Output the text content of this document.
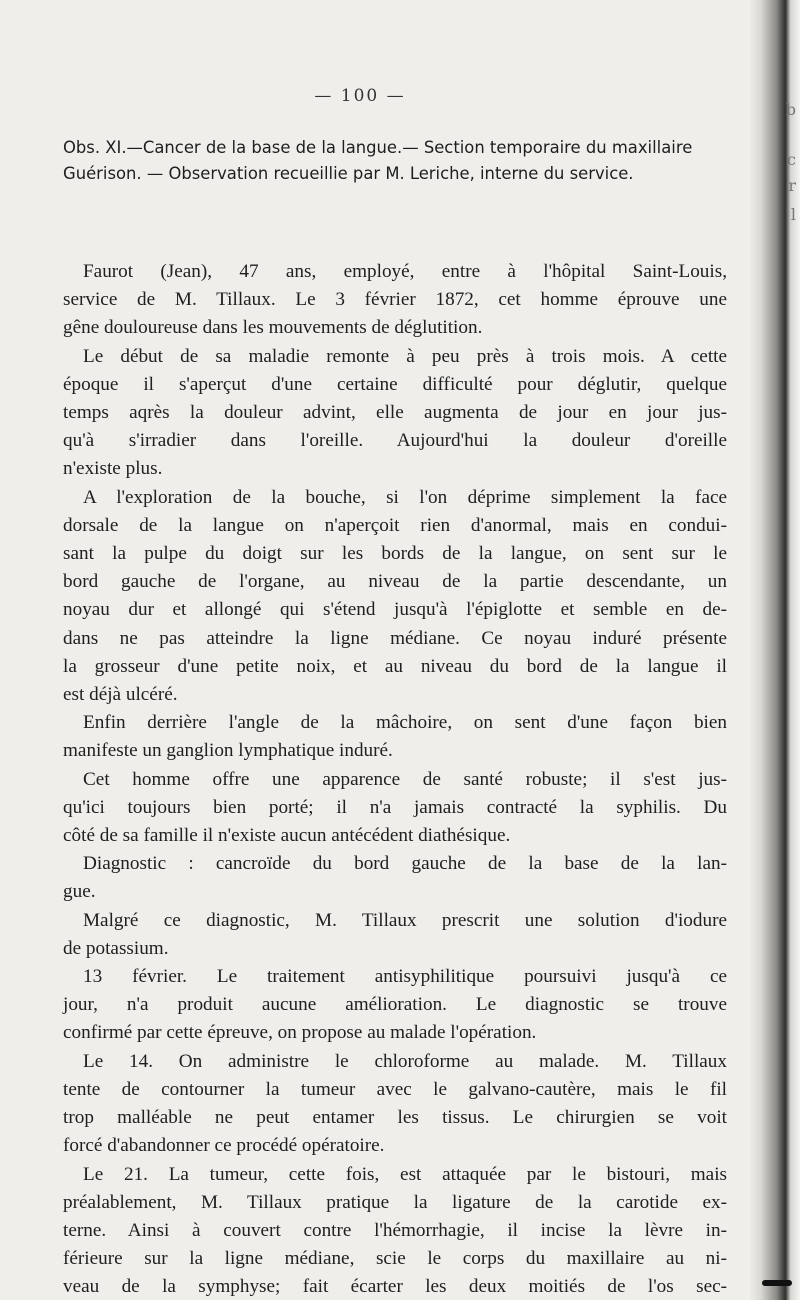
b
c
r
l
— 100 —
Obs. XI.—Cancer de la base de la langue.— Section temporaire du maxillaire
Guérison. — Observation recueillie par M. Leriche, interne du service.
Faurot (Jean), 47 ans, employé, entre à l'hôpital Saint-Louis,
service de M. Tillaux. Le 3 février 1872, cet homme éprouve une
gêne douloureuse dans les mouvements de déglutition.
Le début de sa maladie remonte à peu près à trois mois. A cette
époque il s'aperçut d'une certaine difficulté pour déglutir, quelque
temps aqrès la douleur advint, elle augmenta de jour en jour jus-
qu'à s'irradier dans l'oreille. Aujourd'hui la douleur d'oreille
n'existe plus.
A l'exploration de la bouche, si l'on déprime simplement la face
dorsale de la langue on n'aperçoit rien d'anormal, mais en condui-
sant la pulpe du doigt sur les bords de la langue, on sent sur le
bord gauche de l'organe, au niveau de la partie descendante, un
noyau dur et allongé qui s'étend jusqu'à l'épiglotte et semble en de-
dans ne pas atteindre la ligne médiane. Ce noyau induré présente
la grosseur d'une petite noix, et au niveau du bord de la langue il
est déjà ulcéré.
Enfin derrière l'angle de la mâchoire, on sent d'une façon bien
manifeste un ganglion lymphatique induré.
Cet homme offre une apparence de santé robuste; il s'est jus-
qu'ici toujours bien porté; il n'a jamais contracté la syphilis. Du
côté de sa famille il n'existe aucun antécédent diathésique.
Diagnostic : cancroïde du bord gauche de la base de la lan-
gue.
Malgré ce diagnostic, M. Tillaux prescrit une solution d'iodure
de potassium.
13 février. Le traitement antisyphilitique poursuivi jusqu'à ce
jour, n'a produit aucune amélioration. Le diagnostic se trouve
confirmé par cette épreuve, on propose au malade l'opération.
Le 14. On administre le chloroforme au malade. M. Tillaux
tente de contourner la tumeur avec le galvano-cautère, mais le fil
trop malléable ne peut entamer les tissus. Le chirurgien se voit
forcé d'abandonner ce procédé opératoire.
Le 21. La tumeur, cette fois, est attaquée par le bistouri, mais
préalablement, M. Tillaux pratique la ligature de la carotide ex-
terne. Ainsi à couvert contre l'hémorrhagie, il incise la lèvre in-
férieure sur la ligne médiane, scie le corps du maxillaire au ni-
veau de la symphyse; fait écarter les deux moitiés de l'os sec-
